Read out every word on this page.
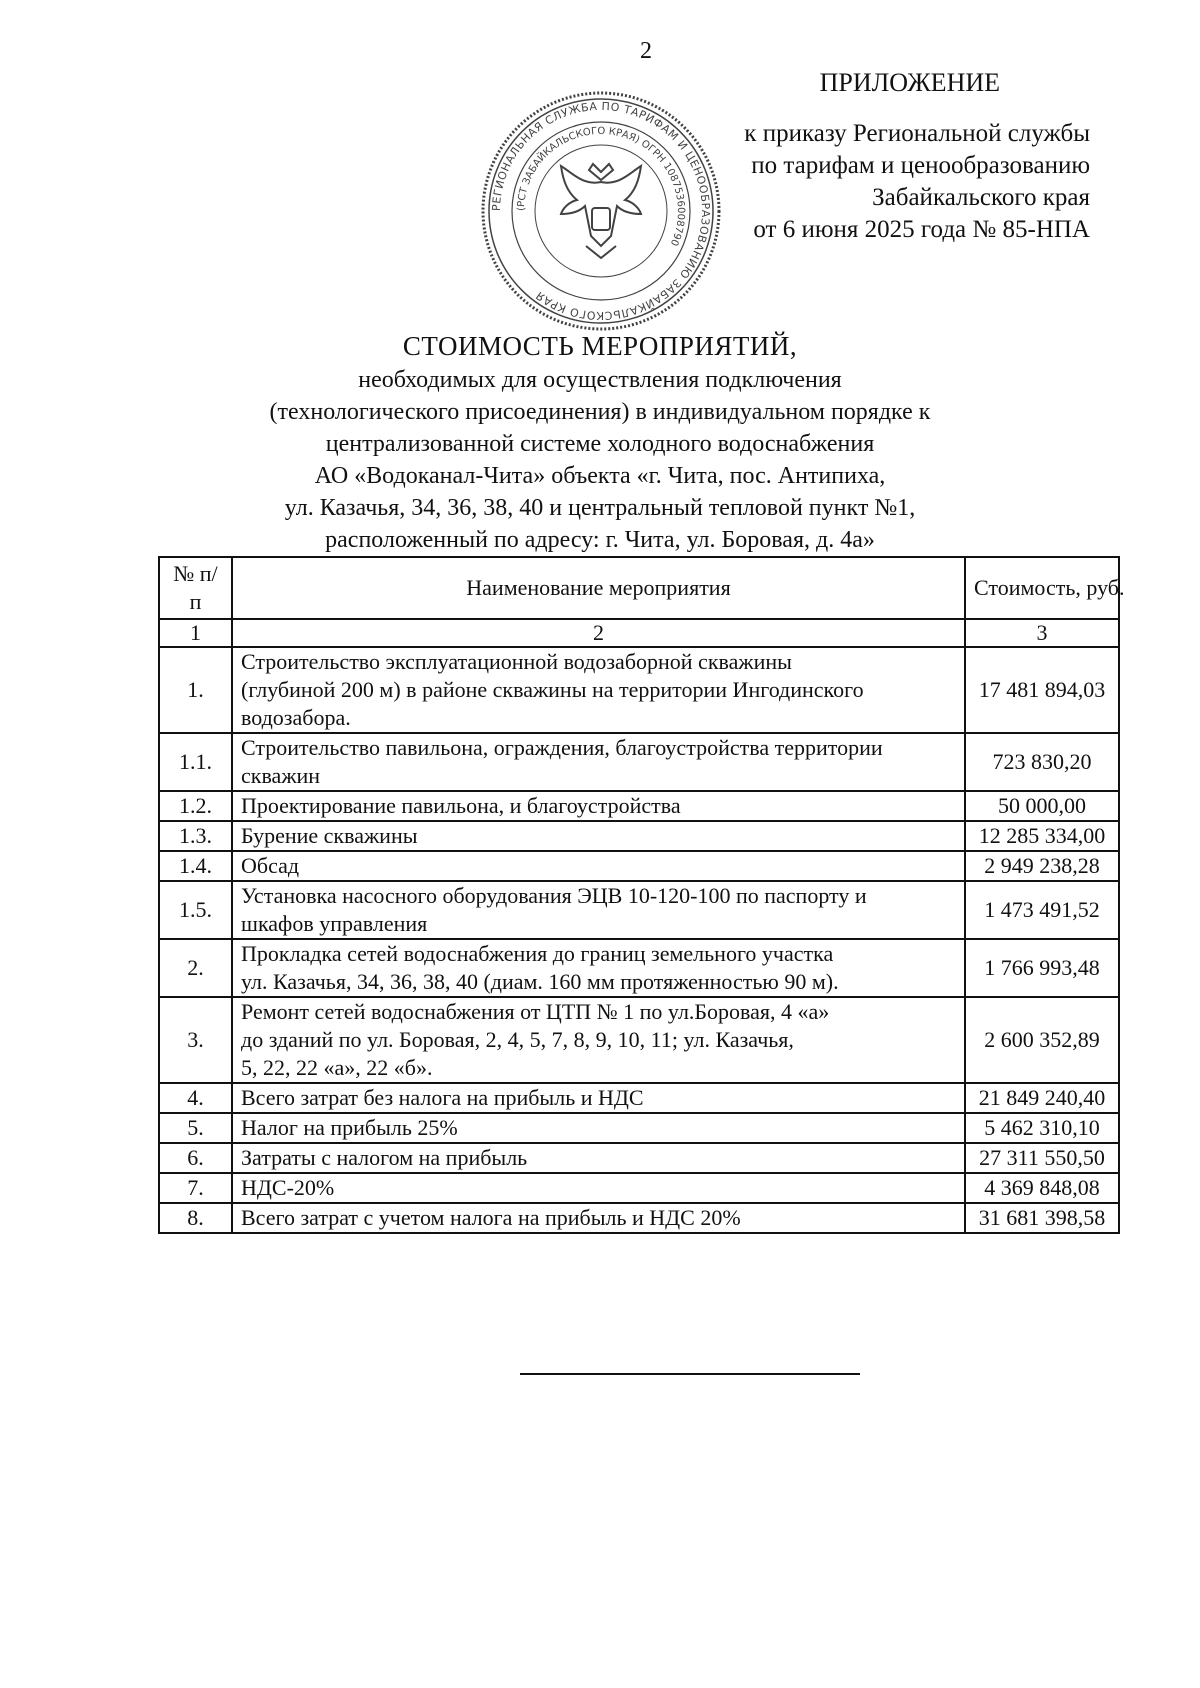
2
ПРИЛОЖЕНИЕ
к приказу Региональной службы
по тарифам и ценообразованию
Забайкальского края
от 6 июня 2025 года № 85-НПА
РЕГИОНАЛЬНАЯ СЛУЖБА ПО ТАРИФАМ И ЦЕНООБРАЗОВАНИЮ ЗАБАЙКАЛЬСКОГО КРАЯ
(РСТ ЗАБАЙКАЛЬСКОГО КРАЯ) ОГРН 1087536008790
СТОИМОСТЬ МЕРОПРИЯТИЙ,
необходимых для осуществления подключения
(технологического присоединения) в индивидуальном порядке к
централизованной системе холодного водоснабжения
АО «Водоканал-Чита» объекта «г. Чита, пос. Антипиха,
ул. Казачья, 34, 36, 38, 40 и центральный тепловой пункт №1,
расположенный по адресу: г. Чита, ул. Боровая, д. 4а»
№ п/п	Наименование мероприятия	Стоимость, руб.
1	2	3
1.	Строительство эксплуатационной водозаборной скважины
(глубиной 200 м) в районе скважины на территории Ингодинского
водозабора.	17 481 894,03
1.1.	Строительство павильона, ограждения, благоустройства территории
скважин	723 830,20
1.2.	Проектирование павильона, и благоустройства	50 000,00
1.3.	Бурение скважины	12 285 334,00
1.4.	Обсад	2 949 238,28
1.5.	Установка насосного оборудования ЭЦВ 10-120-100 по паспорту и
шкафов управления	1 473 491,52
2.	Прокладка сетей водоснабжения до границ земельного участка
ул. Казачья, 34, 36, 38, 40 (диам. 160 мм протяженностью 90 м).	1 766 993,48
3.	Ремонт сетей водоснабжения от ЦТП № 1 по ул.Боровая, 4 «а»
до зданий по ул. Боровая, 2, 4, 5, 7, 8, 9, 10, 11; ул. Казачья,
5, 22, 22 «а», 22 «б».	2 600 352,89
4.	Всего затрат без налога на прибыль и НДС	21 849 240,40
5.	Налог на прибыль 25%	5 462 310,10
6.	Затраты с налогом на прибыль	27 311 550,50
7.	НДС-20%	4 369 848,08
8.	Всего затрат с учетом налога на прибыль и НДС 20%	31 681 398,58
